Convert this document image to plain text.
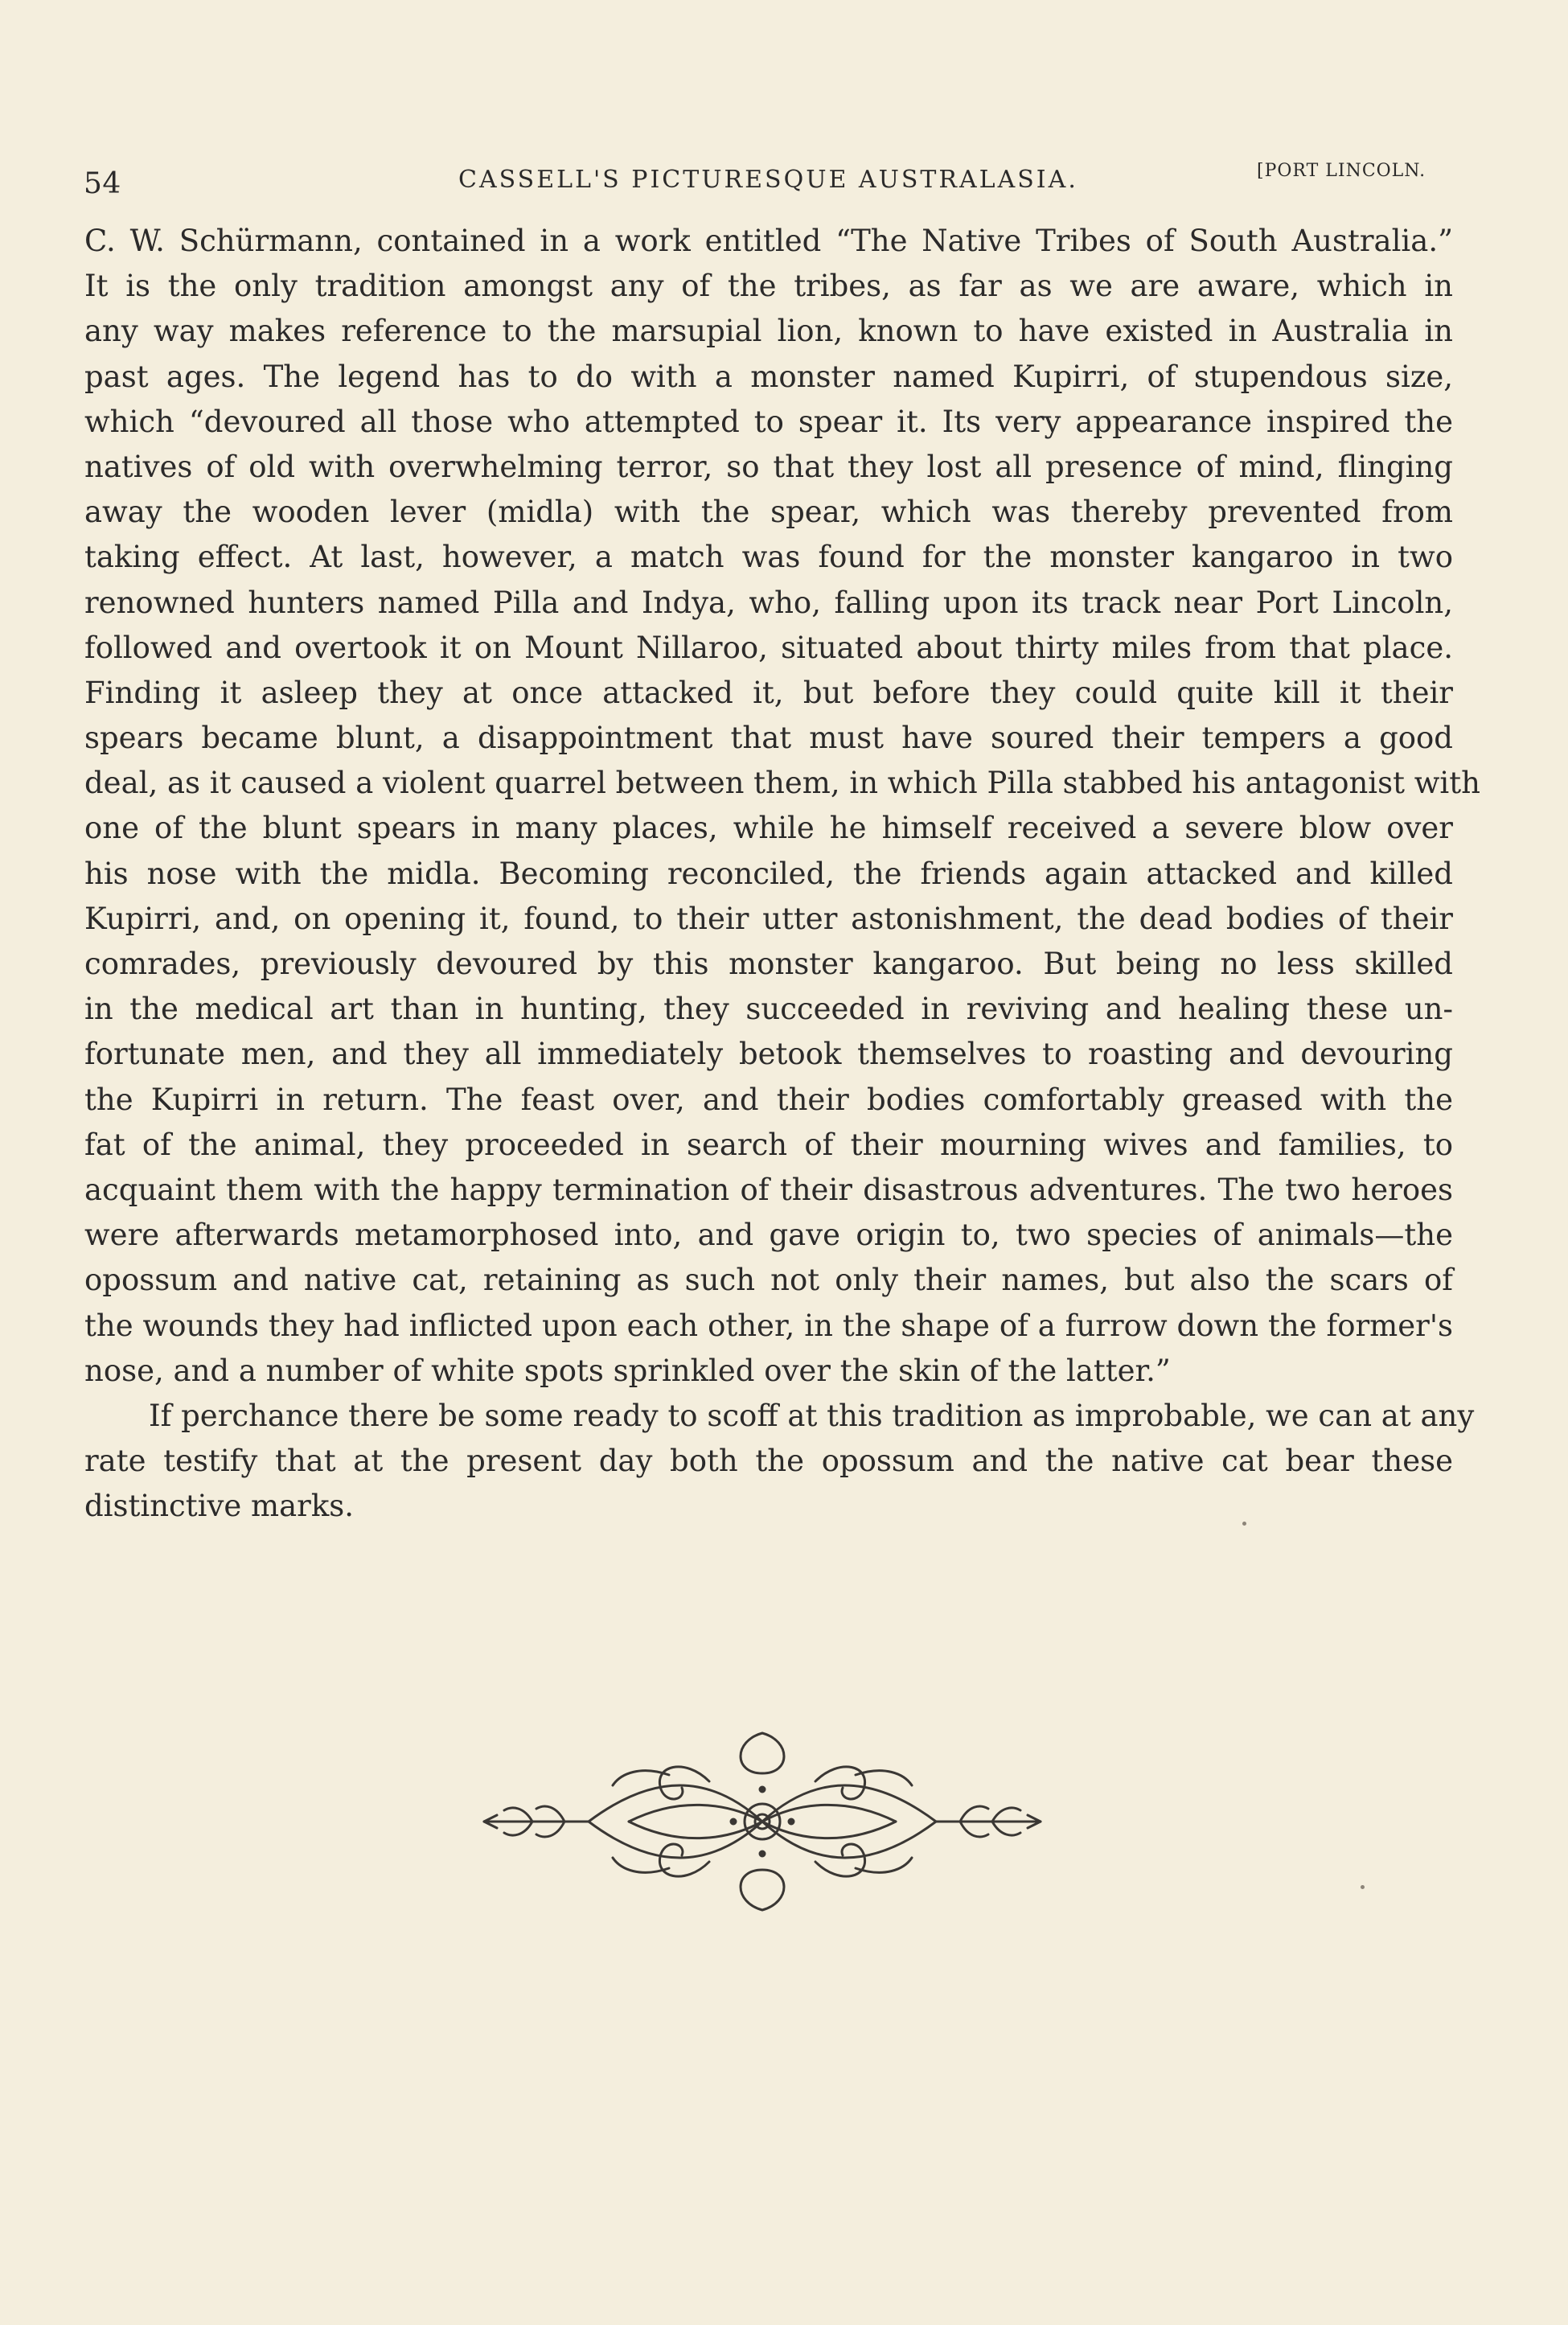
54	CASSELL'S PICTURESQUE AUSTRALASIA.	[PORT LINCOLN.
C. W. Schürmann, contained in a work entitled “The Native Tribes of South Australia.”
It is the only tradition amongst any of the tribes, as far as we are aware, which in
any way makes reference to the marsupial lion, known to have existed in Australia in
past ages. The legend has to do with a monster named Kupirri, of stupendous size,
which “devoured all those who attempted to spear it. Its very appearance inspired the
natives of old with overwhelming terror, so that they lost all presence of mind, flinging
away the wooden lever (midla) with the spear, which was thereby prevented from
taking effect. At last, however, a match was found for the monster kangaroo in two
renowned hunters named Pilla and Indya, who, falling upon its track near Port Lincoln,
followed and overtook it on Mount Nillaroo, situated about thirty miles from that place.
Finding it asleep they at once attacked it, but before they could quite kill it their
spears became blunt, a disappointment that must have soured their tempers a good
deal, as it caused a violent quarrel between them, in which Pilla stabbed his antagonist with
one of the blunt spears in many places, while he himself received a severe blow over
his nose with the midla. Becoming reconciled, the friends again attacked and killed
Kupirri, and, on opening it, found, to their utter astonishment, the dead bodies of their
comrades, previously devoured by this monster kangaroo. But being no less skilled
in the medical art than in hunting, they succeeded in reviving and healing these un-
fortunate men, and they all immediately betook themselves to roasting and devouring
the Kupirri in return. The feast over, and their bodies comfortably greased with the
fat of the animal, they proceeded in search of their mourning wives and families, to
acquaint them with the happy termination of their disastrous adventures. The two heroes
were afterwards metamorphosed into, and gave origin to, two species of animals—the
opossum and native cat, retaining as such not only their names, but also the scars of
the wounds they had inflicted upon each other, in the shape of a furrow down the former's
nose, and a number of white spots sprinkled over the skin of the latter.”
If perchance there be some ready to scoff at this tradition as improbable, we can at any
rate testify that at the present day both the opossum and the native cat bear these
distinctive marks.
